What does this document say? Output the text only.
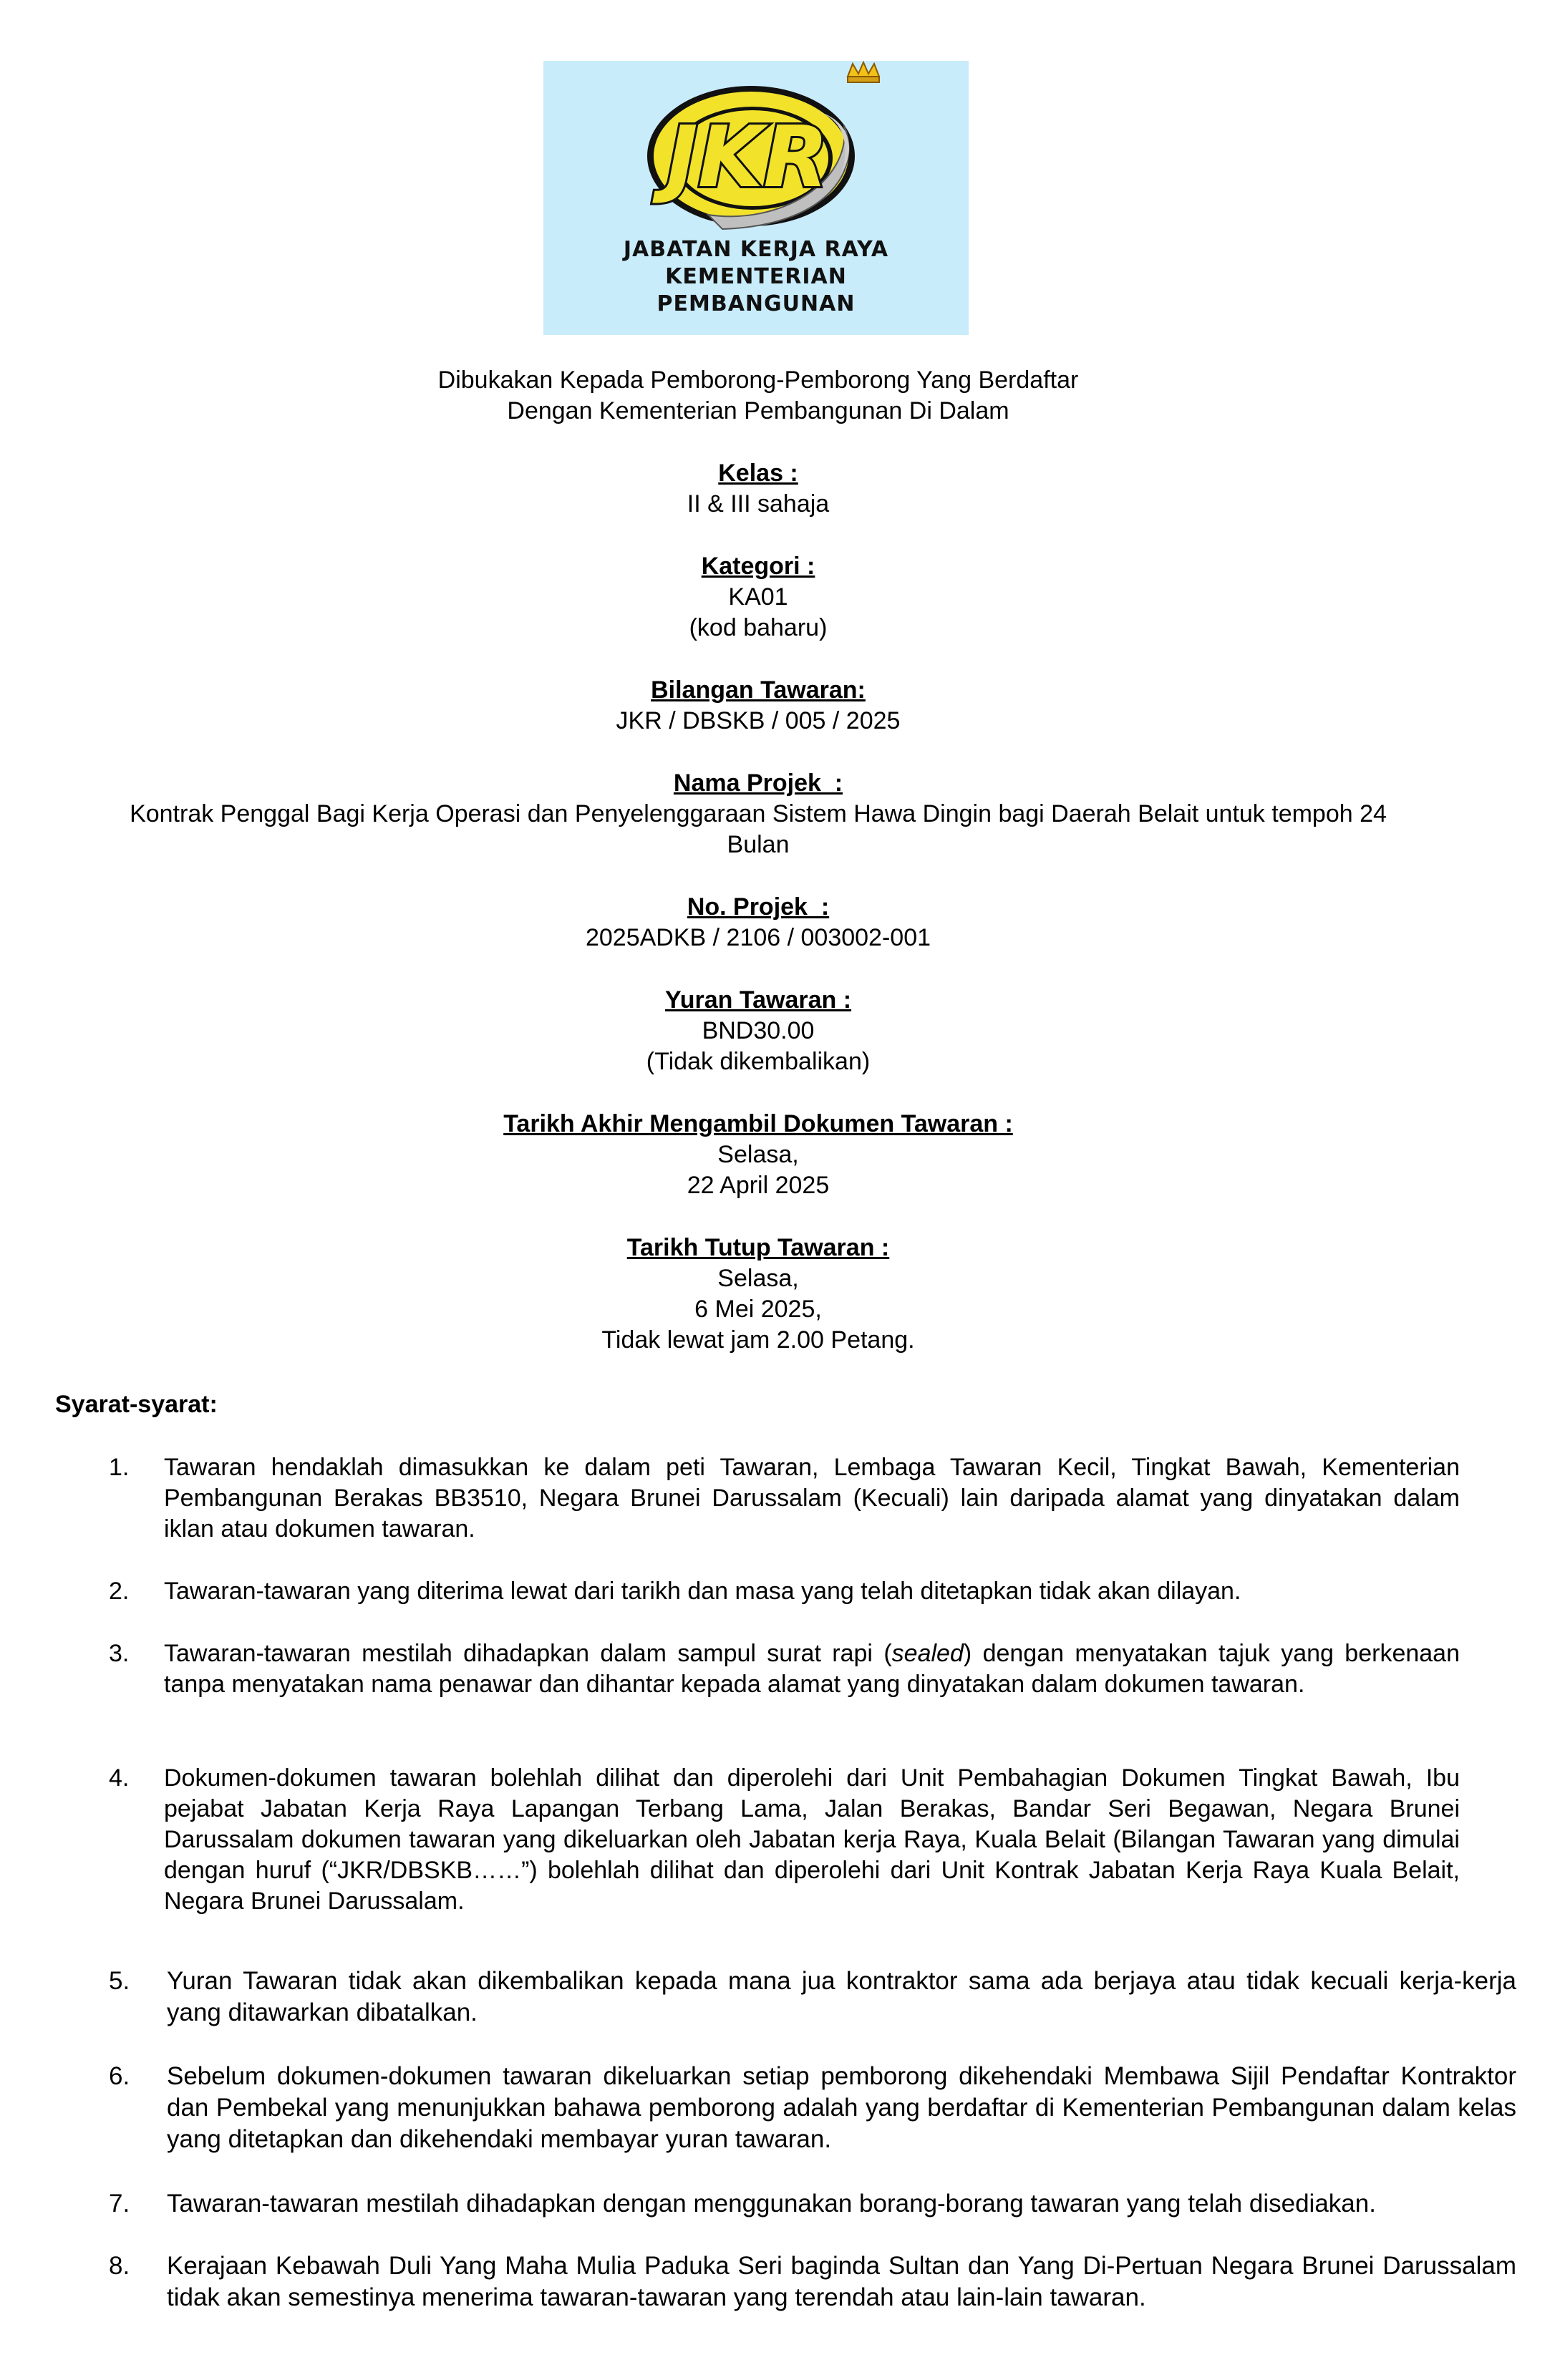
JKR
JABATAN KERJA RAYA
KEMENTERIAN
PEMBANGUNAN
Dibukakan Kepada Pemborong-Pemborong Yang Berdaftar
Dengan Kementerian Pembangunan Di Dalam
Kelas :
II & III sahaja
Kategori :
KA01
(kod baharu)
Bilangan Tawaran:
JKR / DBSKB / 005 / 2025
Nama Projek  :
Kontrak Penggal Bagi Kerja Operasi dan Penyelenggaraan Sistem Hawa Dingin bagi Daerah Belait untuk tempoh 24
Bulan
No. Projek  :
2025ADKB / 2106 / 003002-001
Yuran Tawaran :
BND30.00
(Tidak dikembalikan)
Tarikh Akhir Mengambil Dokumen Tawaran :
Selasa,
22 April 2025
Tarikh Tutup Tawaran :
Selasa,
6 Mei 2025,
Tidak lewat jam 2.00 Petang.
Syarat-syarat:
1. Tawaran hendaklah dimasukkan ke dalam peti Tawaran, Lembaga Tawaran Kecil, Tingkat Bawah, Kementerian Pembangunan Berakas BB3510, Negara Brunei Darussalam (Kecuali) lain daripada alamat yang dinyatakan dalam iklan atau dokumen tawaran.
2. Tawaran-tawaran yang diterima lewat dari tarikh dan masa yang telah ditetapkan tidak akan dilayan.
3. Tawaran-tawaran mestilah dihadapkan dalam sampul surat rapi (sealed) dengan menyatakan tajuk yang berkenaan tanpa menyatakan nama penawar dan dihantar kepada alamat yang dinyatakan dalam dokumen tawaran.
4. Dokumen-dokumen tawaran bolehlah dilihat dan diperolehi dari Unit Pembahagian Dokumen Tingkat Bawah, Ibu pejabat Jabatan Kerja Raya Lapangan Terbang Lama, Jalan Berakas, Bandar Seri Begawan, Negara Brunei Darussalam dokumen tawaran yang dikeluarkan oleh Jabatan kerja Raya, Kuala Belait (Bilangan Tawaran yang dimulai dengan huruf (“JKR/DBSKB……”) bolehlah dilihat dan diperolehi dari Unit Kontrak Jabatan Kerja Raya Kuala Belait, Negara Brunei Darussalam.
5. Yuran Tawaran tidak akan dikembalikan kepada mana jua kontraktor sama ada berjaya atau tidak kecuali kerja-kerja yang ditawarkan dibatalkan.
6. Sebelum dokumen-dokumen tawaran dikeluarkan setiap pemborong dikehendaki Membawa Sijil Pendaftar Kontraktor dan Pembekal yang menunjukkan bahawa pemborong adalah yang berdaftar di Kementerian Pembangunan dalam kelas yang ditetapkan dan dikehendaki membayar yuran tawaran.
7. Tawaran-tawaran mestilah dihadapkan dengan menggunakan borang-borang tawaran yang telah disediakan.
8. Kerajaan Kebawah Duli Yang Maha Mulia Paduka Seri baginda Sultan dan Yang Di-Pertuan Negara Brunei Darussalam tidak akan semestinya menerima tawaran-tawaran yang terendah atau lain-lain tawaran.
